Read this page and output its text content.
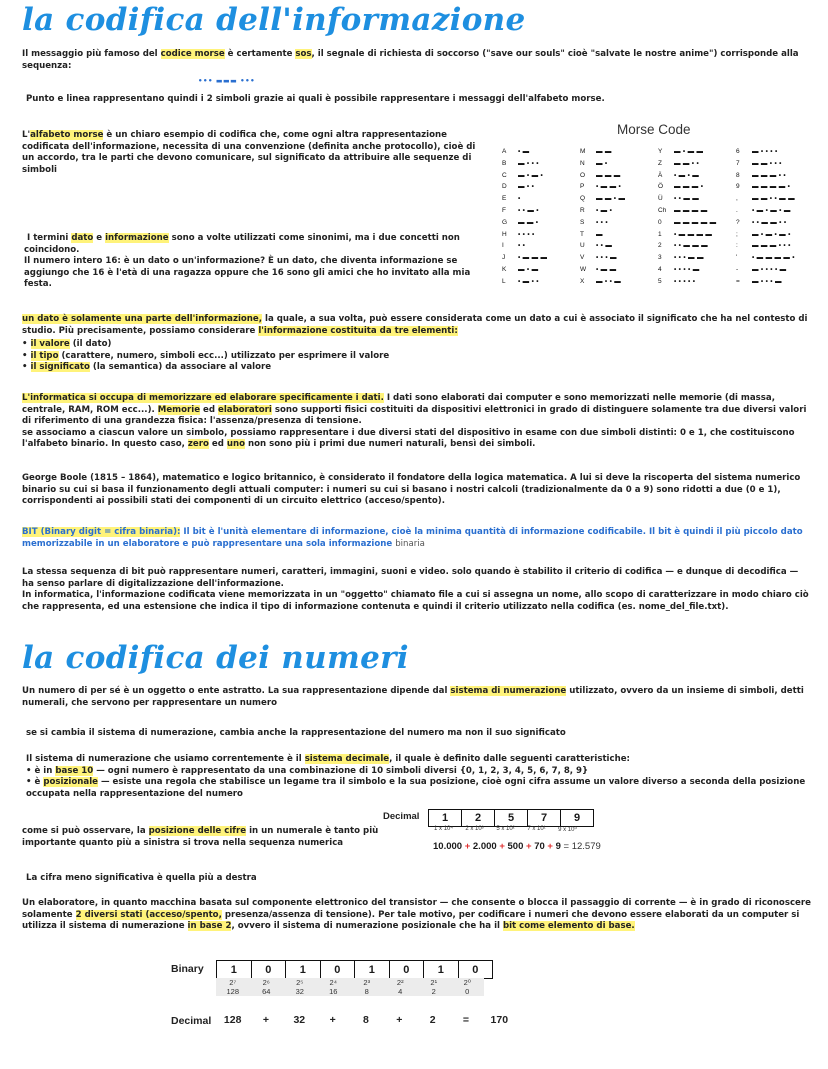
la codifica dell'informazione
Il messaggio più famoso del codice morse è certamente sos, il segnale di richiesta di soccorso ("save our souls" cioè "salvate le nostre anime") corrisponde alla sequenza:
••• ▬▬▬ •••
Punto e linea rappresentano quindi i 2 simboli grazie ai quali è possibile rappresentare i messaggi dell'alfabeto morse.
L'alfabeto morse è un chiaro esempio di codifica che, come ogni altra rappresentazione codificata dell'informazione, necessita di una convenzione (definita anche protocollo), cioè di un accordo, tra le parti che devono comunicare, sul significato da attribuire alle sequenze di simboli
Morse Code
A • ▬
B ▬ • • •
C ▬ • ▬ •
D ▬ • •
E •
F • • ▬ •
G ▬ ▬ •
H • • • •
I • •
J • ▬ ▬ ▬
K ▬ • ▬
L • ▬ • •
M ▬ ▬
N ▬ •
O ▬ ▬ ▬
P • ▬ ▬ •
Q ▬ ▬ • ▬
R • ▬ •
S • • •
T ▬
U • • ▬
V • • • ▬
W • ▬ ▬
X ▬ • • ▬
Y ▬ • ▬ ▬
Z ▬ ▬ • •
Ä • ▬ • ▬
Ö ▬ ▬ ▬ •
Ü • • ▬ ▬
Ch ▬ ▬ ▬ ▬
0 ▬ ▬ ▬ ▬ ▬
1 • ▬ ▬ ▬ ▬
2 • • ▬ ▬ ▬
3 • • • ▬ ▬
4 • • • • ▬
5 • • • • •
6 ▬ • • • •
7 ▬ ▬ • • •
8 ▬ ▬ ▬ • •
9 ▬ ▬ ▬ ▬ •
, ▬ ▬ • • ▬ ▬
. • ▬ • ▬ • ▬
? • • ▬ ▬ • •
; ▬ • ▬ • ▬ •
: ▬ ▬ ▬ • • •
' • ▬ ▬ ▬ ▬ •
- ▬ • • • • ▬
= ▬ • • • ▬
I termini dato e informazione sono a volte utilizzati come sinonimi, ma i due concetti non coincidono.
Il numero intero 16: è un dato o un'informazione? È un dato, che diventa informazione se aggiungo che 16 è l'età di una ragazza oppure che 16 sono gli amici che ho invitato alla mia festa.
un dato è solamente una parte dell'informazione, la quale, a sua volta, può essere considerata come un dato a cui è associato il significato che ha nel contesto di studio. Più precisamente, possiamo considerare l'informazione costituita da tre elementi:

• il valore (il dato)

• il tipo (carattere, numero, simboli ecc...) utilizzato per esprimere il valore

• il significato (la semantica) da associare al valore

L'informatica si occupa di memorizzare ed elaborare specificamente i dati. I dati sono elaborati dai computer e sono memorizzati nelle memorie (di massa, centrale, RAM, ROM ecc...). Memorie ed elaboratori sono supporti fisici costituiti da dispositivi elettronici in grado di distinguere solamente tra due diversi valori di riferimento di una grandezza fisica: l'assenza/presenza di tensione.
se associamo a ciascun valore un simbolo, possiamo rappresentare i due diversi stati del dispositivo in esame con due simboli distinti: 0 e 1, che costituiscono l'alfabeto binario. In questo caso, zero ed uno non sono più i primi due numeri naturali, bensì dei simboli.
George Boole (1815 – 1864), matematico e logico britannico, è considerato il fondatore della logica matematica. A lui si deve la riscoperta del sistema numerico binario su cui si basa il funzionamento degli attuali computer: i numeri su cui si basano i nostri calcoli (tradizionalmente da 0 a 9) sono ridotti a due (0 e 1), corrispondenti ai possibili stati dei componenti di un circuito elettrico (acceso/spento).
BIT (Binary digit = cifra binaria): Il bit è l'unità elementare di informazione, cioè la minima quantità di informazione codificabile. Il bit è quindi il più piccolo dato memorizzabile in un elaboratore e può rappresentare una sola informazione binaria
La stessa sequenza di bit può rappresentare numeri, caratteri, immagini, suoni e video. solo quando è stabilito il criterio di codifica — e dunque di decodifica — ha senso parlare di digitalizzazione dell'informazione.
In informatica, l'informazione codificata viene memorizzata in un "oggetto" chiamato file a cui si assegna un nome, allo scopo di caratterizzare in modo chiaro ciò che rappresenta, ed una estensione che indica il tipo di informazione contenuta e quindi il criterio utilizzato nella codifica (es. nome_del_file.txt).
la codifica dei numeri
Un numero di per sé è un oggetto o ente astratto. La sua rappresentazione dipende dal sistema di numerazione utilizzato, ovvero da un insieme di simboli, detti numerali, che servono per rappresentare un numero
se si cambia il sistema di numerazione, cambia anche la rappresentazione del numero ma non il suo significato

Il sistema di numerazione che usiamo correntemente è il sistema decimale, il quale è definito dalle seguenti caratteristiche:

• è in base 10 — ogni numero è rappresentato da una combinazione di 10 simboli diversi {0, 1, 2, 3, 4, 5, 6, 7, 8, 9}

• è posizionale — esiste una regola che stabilisce un legame tra il simbolo e la sua posizione, cioè ogni cifra assume un valore diverso a seconda della posizione occupata nella rappresentazione del numero

Decimal 1	2	5	7	9
1 x 10⁴	2 x 10³	5 x 10²	7 x 10¹	9 x 10⁰
10.000 + 2.000 + 500 + 70 + 9 = 12.579
come si può osservare, la posizione delle cifre in un numerale è tanto più importante quanto più a sinistra si trova nella sequenza numerica
La cifra meno significativa è quella più a destra
Un elaboratore, in quanto macchina basata sul componente elettronico del transistor — che consente o blocca il passaggio di corrente — è in grado di riconoscere solamente 2 diversi stati (acceso/spento, presenza/assenza di tensione). Per tale motivo, per codificare i numeri che devono essere elaborati da un computer si utilizza il sistema di numerazione in base 2, ovvero il sistema di numerazione posizionale che ha il bit come elemento di base.
Binary 1	0	1	0	1	0	1	0
2⁷	2⁶	2⁵	2⁴	2³	2²	2¹	2⁰
128	64	32	16	8	4	2	0
Decimal	128	+	32	+	8	+	2	=	170
